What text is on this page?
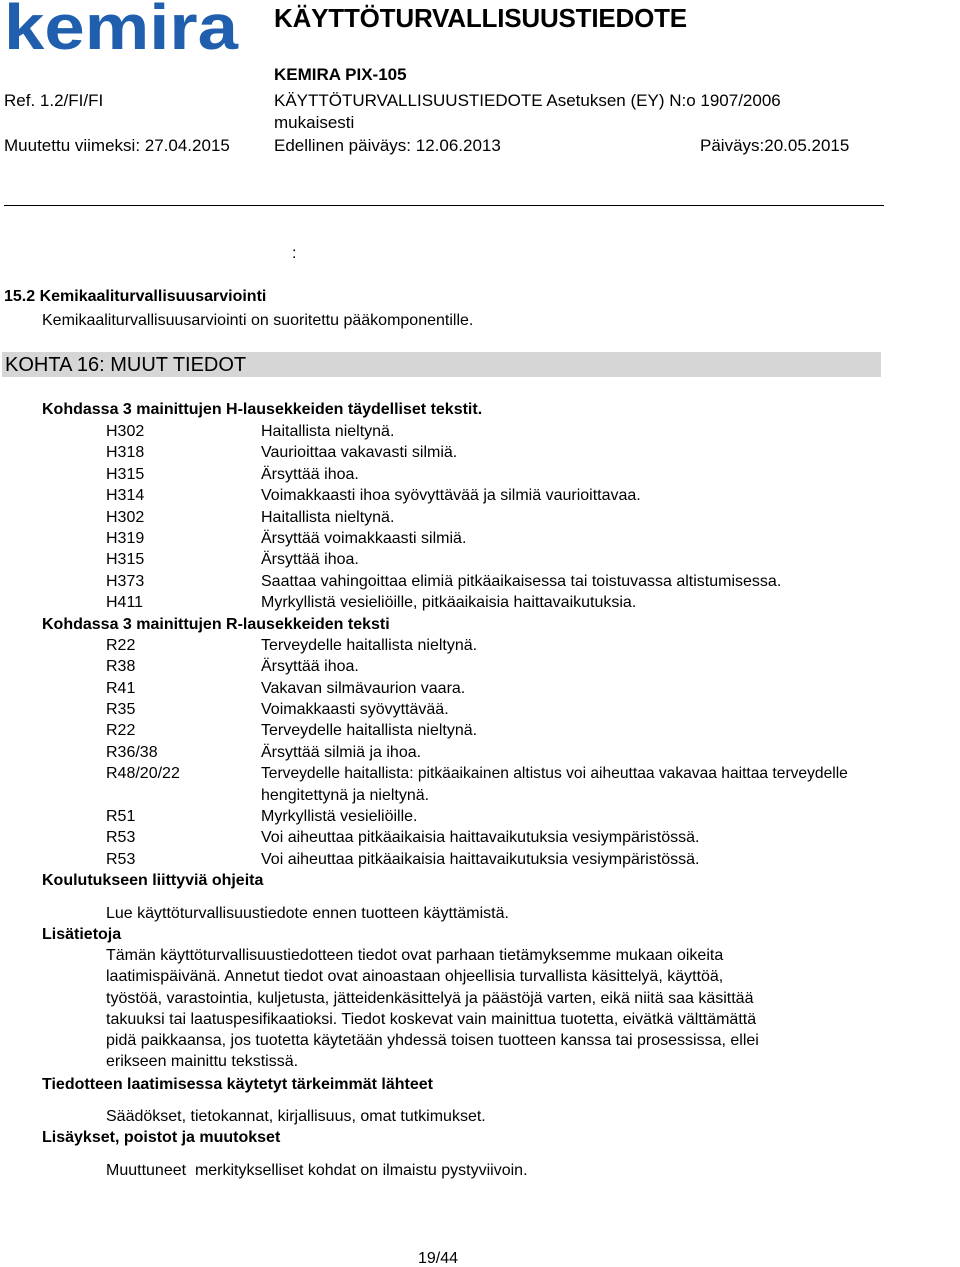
kemira KÄYTTÖTURVALLISUUSTIEDOTE
KEMIRA PIX-105
Ref. 1.2/FI/FI	KÄYTTÖTURVALLISUUSTIEDOTE Asetuksen (EY) N:o 1907/2006
mukaisesti
Muutettu viimeksi: 27.04.2015	Edellinen päiväys: 12.06.2013	Päiväys:20.05.2015
:
15.2 Kemikaaliturvallisuusarviointi
Kemikaaliturvallisuusarviointi on suoritettu pääkomponentille.
KOHTA 16: MUUT TIEDOT
Kohdassa 3 mainittujen H-lausekkeiden täydelliset tekstit.
H302	Haitallista nieltynä.
H318	Vaurioittaa vakavasti silmiä.
H315	Ärsyttää ihoa.
H314	Voimakkaasti ihoa syövyttävää ja silmiä vaurioittavaa.
H302	Haitallista nieltynä.
H319	Ärsyttää voimakkaasti silmiä.
H315	Ärsyttää ihoa.
H373	Saattaa vahingoittaa elimiä pitkäaikaisessa tai toistuvassa altistumisessa.
H411	Myrkyllistä vesieliöille, pitkäaikaisia haittavaikutuksia.
Kohdassa 3 mainittujen R-lausekkeiden teksti
R22	Terveydelle haitallista nieltynä.
R38	Ärsyttää ihoa.
R41	Vakavan silmävaurion vaara.
R35	Voimakkaasti syövyttävää.
R22	Terveydelle haitallista nieltynä.
R36/38	Ärsyttää silmiä ja ihoa.
R48/20/22	Terveydelle haitallista: pitkäaikainen altistus voi aiheuttaa vakavaa haittaa terveydelle
hengitettynä ja nieltynä.
R51	Myrkyllistä vesieliöille.
R53	Voi aiheuttaa pitkäaikaisia haittavaikutuksia vesiympäristössä.
R53	Voi aiheuttaa pitkäaikaisia haittavaikutuksia vesiympäristössä.
Koulutukseen liittyviä ohjeita
Lue käyttöturvallisuustiedote ennen tuotteen käyttämistä.
Lisätietoja
Tämän käyttöturvallisuustiedotteen tiedot ovat parhaan tietämyksemme mukaan oikeita
laatimispäivänä. Annetut tiedot ovat ainoastaan ohjeellisia turvallista käsittelyä, käyttöä,
työstöä, varastointia, kuljetusta, jätteidenkäsittelyä ja päästöjä varten, eikä niitä saa käsittää
takuuksi tai laatuspesifikaatioksi. Tiedot koskevat vain mainittua tuotetta, eivätkä välttämättä
pidä paikkaansa, jos tuotetta käytetään yhdessä toisen tuotteen kanssa tai prosessissa, ellei
erikseen mainittu tekstissä.
Tiedotteen laatimisessa käytetyt tärkeimmät lähteet
Säädökset, tietokannat, kirjallisuus, omat tutkimukset.
Lisäykset, poistot ja muutokset
Muuttuneet  merkitykselliset kohdat on ilmaistu pystyviivoin.
19/44
